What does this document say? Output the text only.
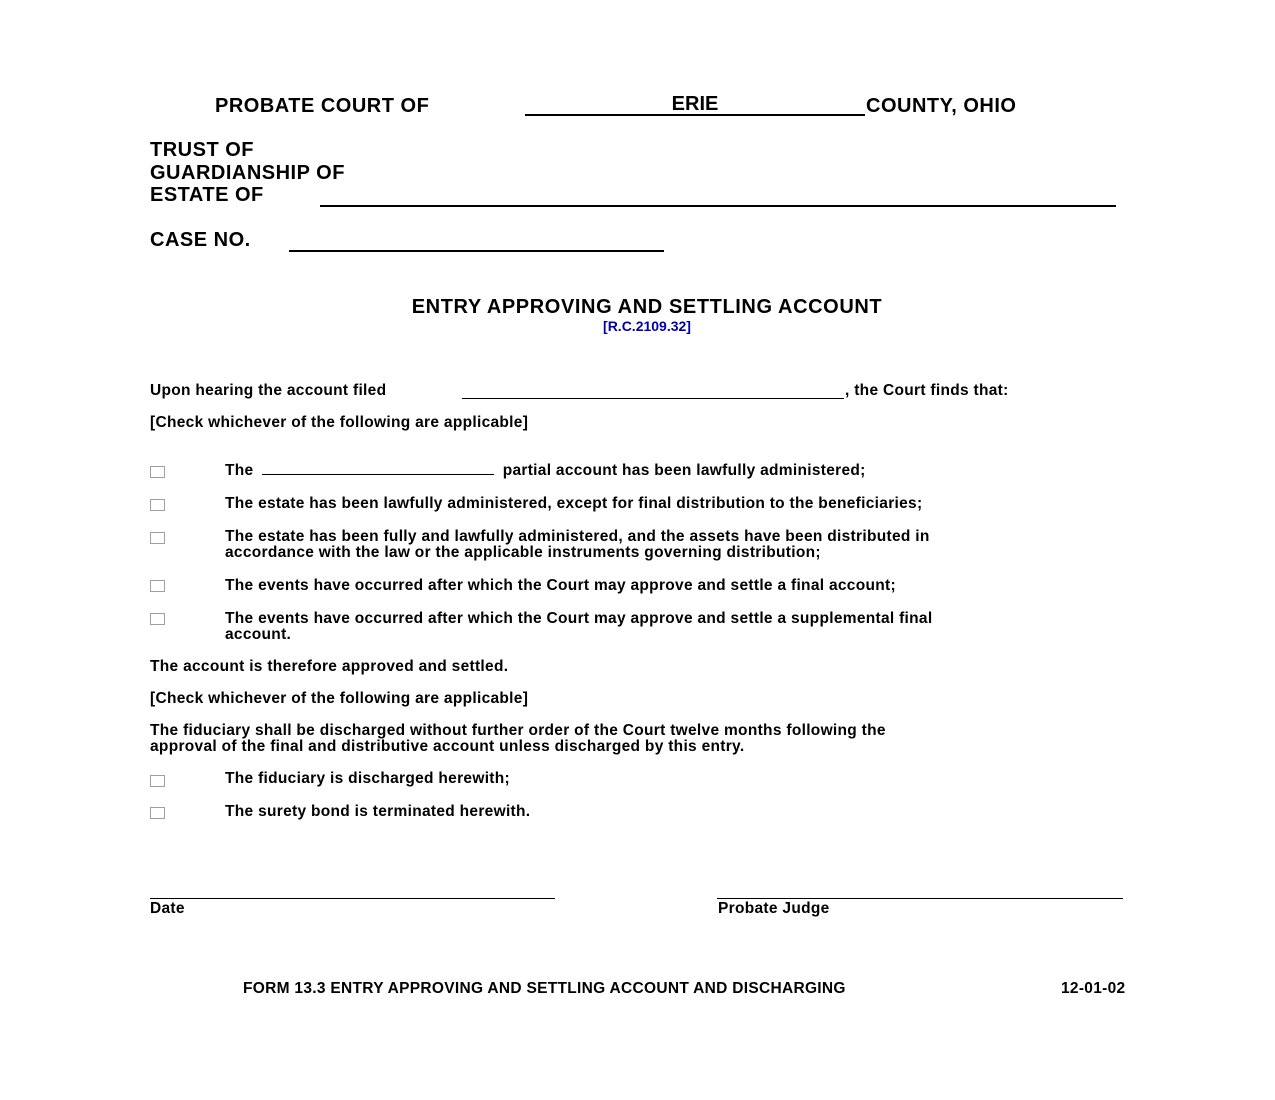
PROBATE COURT OF
ERIE	COUNTY, OHIO
TRUST OF
GUARDIANSHIP OF
ESTATE OF
CASE NO.
ENTRY APPROVING AND SETTLING ACCOUNT
[R.C.2109.32]
Upon hearing the account filed	, the Court finds that:
[Check whichever of the following are applicable]
The	partial account has been lawfully administered;
The estate has been lawfully administered, except for final distribution to the beneficiaries;
The estate has been fully and lawfully administered, and the assets have been distributed in
accordance with the law or the applicable instruments governing distribution;
The events have occurred after which the Court may approve and settle a final account;
The events have occurred after which the Court may approve and settle a supplemental final
account.
The account is therefore approved and settled.
[Check whichever of the following are applicable]
The fiduciary shall be discharged without further order of the Court twelve months following the
approval of the final and distributive account unless discharged by this entry.
The fiduciary is discharged herewith;
The surety bond is terminated herewith.
Date	Probate Judge
FORM 13.3 ENTRY APPROVING AND SETTLING ACCOUNT AND DISCHARGING	12-01-02
